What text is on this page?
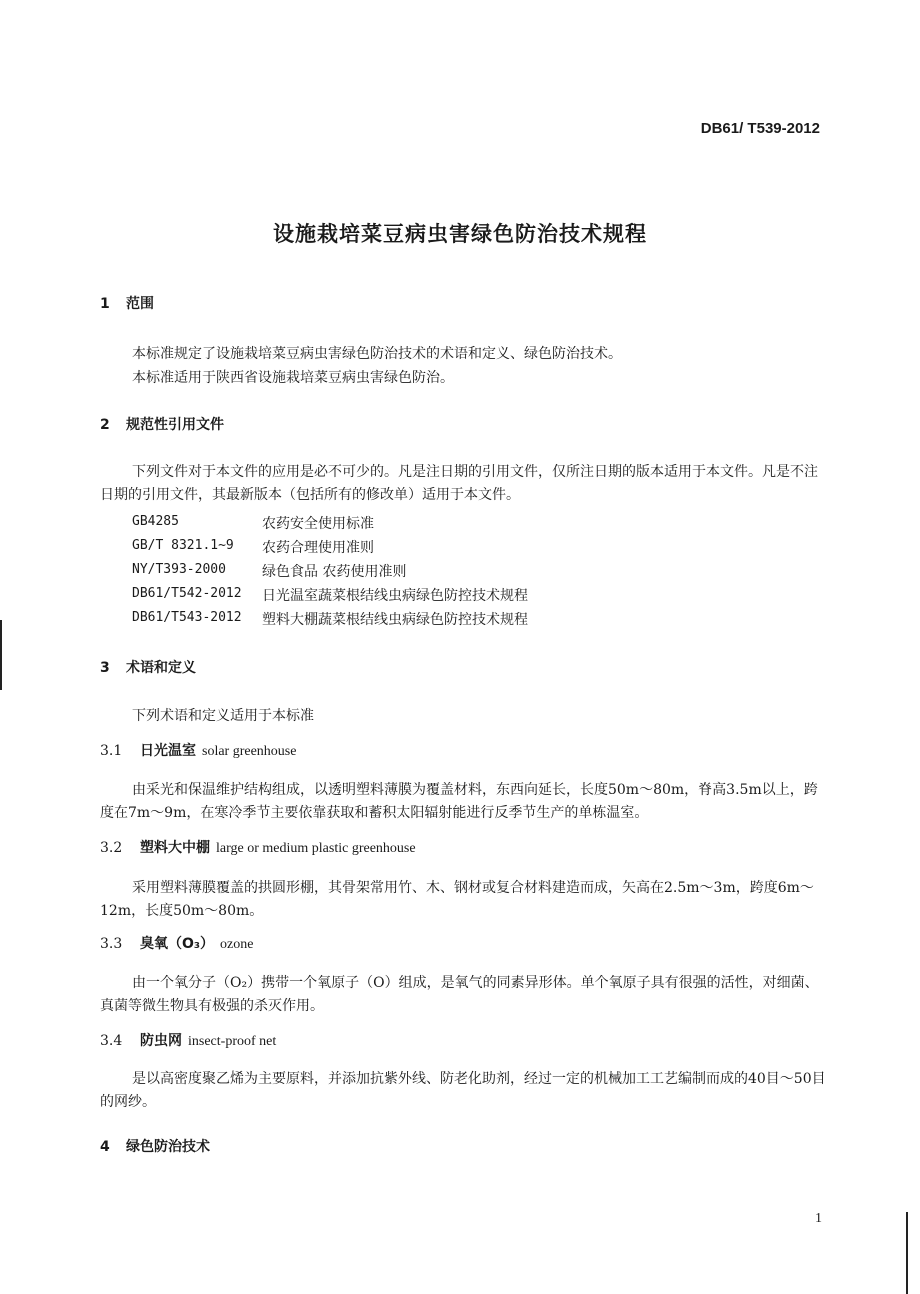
DB61/ T539-2012
设施栽培菜豆病虫害绿色防治技术规程
1 范围
本标准规定了设施栽培菜豆病虫害绿色防治技术的术语和定义、绿色防治技术。
本标准适用于陕西省设施栽培菜豆病虫害绿色防治。
2 规范性引用文件
下列文件对于本文件的应用是必不可少的。凡是注日期的引用文件，仅所注日期的版本适用于本文件。凡是不注日期的引用文件，其最新版本（包括所有的修改单）适用于本文件。
GB4285	农药安全使用标准
GB/T 8321.1~9 农药合理使用准则
NY/T393-2000	绿色食品 农药使用准则
DB61/T542-2012 日光温室蔬菜根结线虫病绿色防控技术规程
DB61/T543-2012 塑料大棚蔬菜根结线虫病绿色防控技术规程
3 术语和定义
下列术语和定义适用于本标准
3.1 日光温室 solar greenhouse
由采光和保温维护结构组成，以透明塑料薄膜为覆盖材料，东西向延长，长度50m～80m，脊高3.5m以上，跨度在7m～9m，在寒冷季节主要依靠获取和蓄积太阳辐射能进行反季节生产的单栋温室。
3.2 塑料大中棚 large or medium plastic greenhouse
采用塑料薄膜覆盖的拱圆形棚，其骨架常用竹、木、钢材或复合材料建造而成，矢高在2.5m～3m，跨度6m～12m，长度50m～80m。
3.3 臭氧（O₃） ozone
由一个氧分子（O₂）携带一个氧原子（O）组成，是氧气的同素异形体。单个氧原子具有很强的活性，对细菌、真菌等微生物具有极强的杀灭作用。
3.4 防虫网 insect-proof net
是以高密度聚乙烯为主要原料，并添加抗紫外线、防老化助剂，经过一定的机械加工工艺编制而成的40目～50目的网纱。
4 绿色防治技术
1
